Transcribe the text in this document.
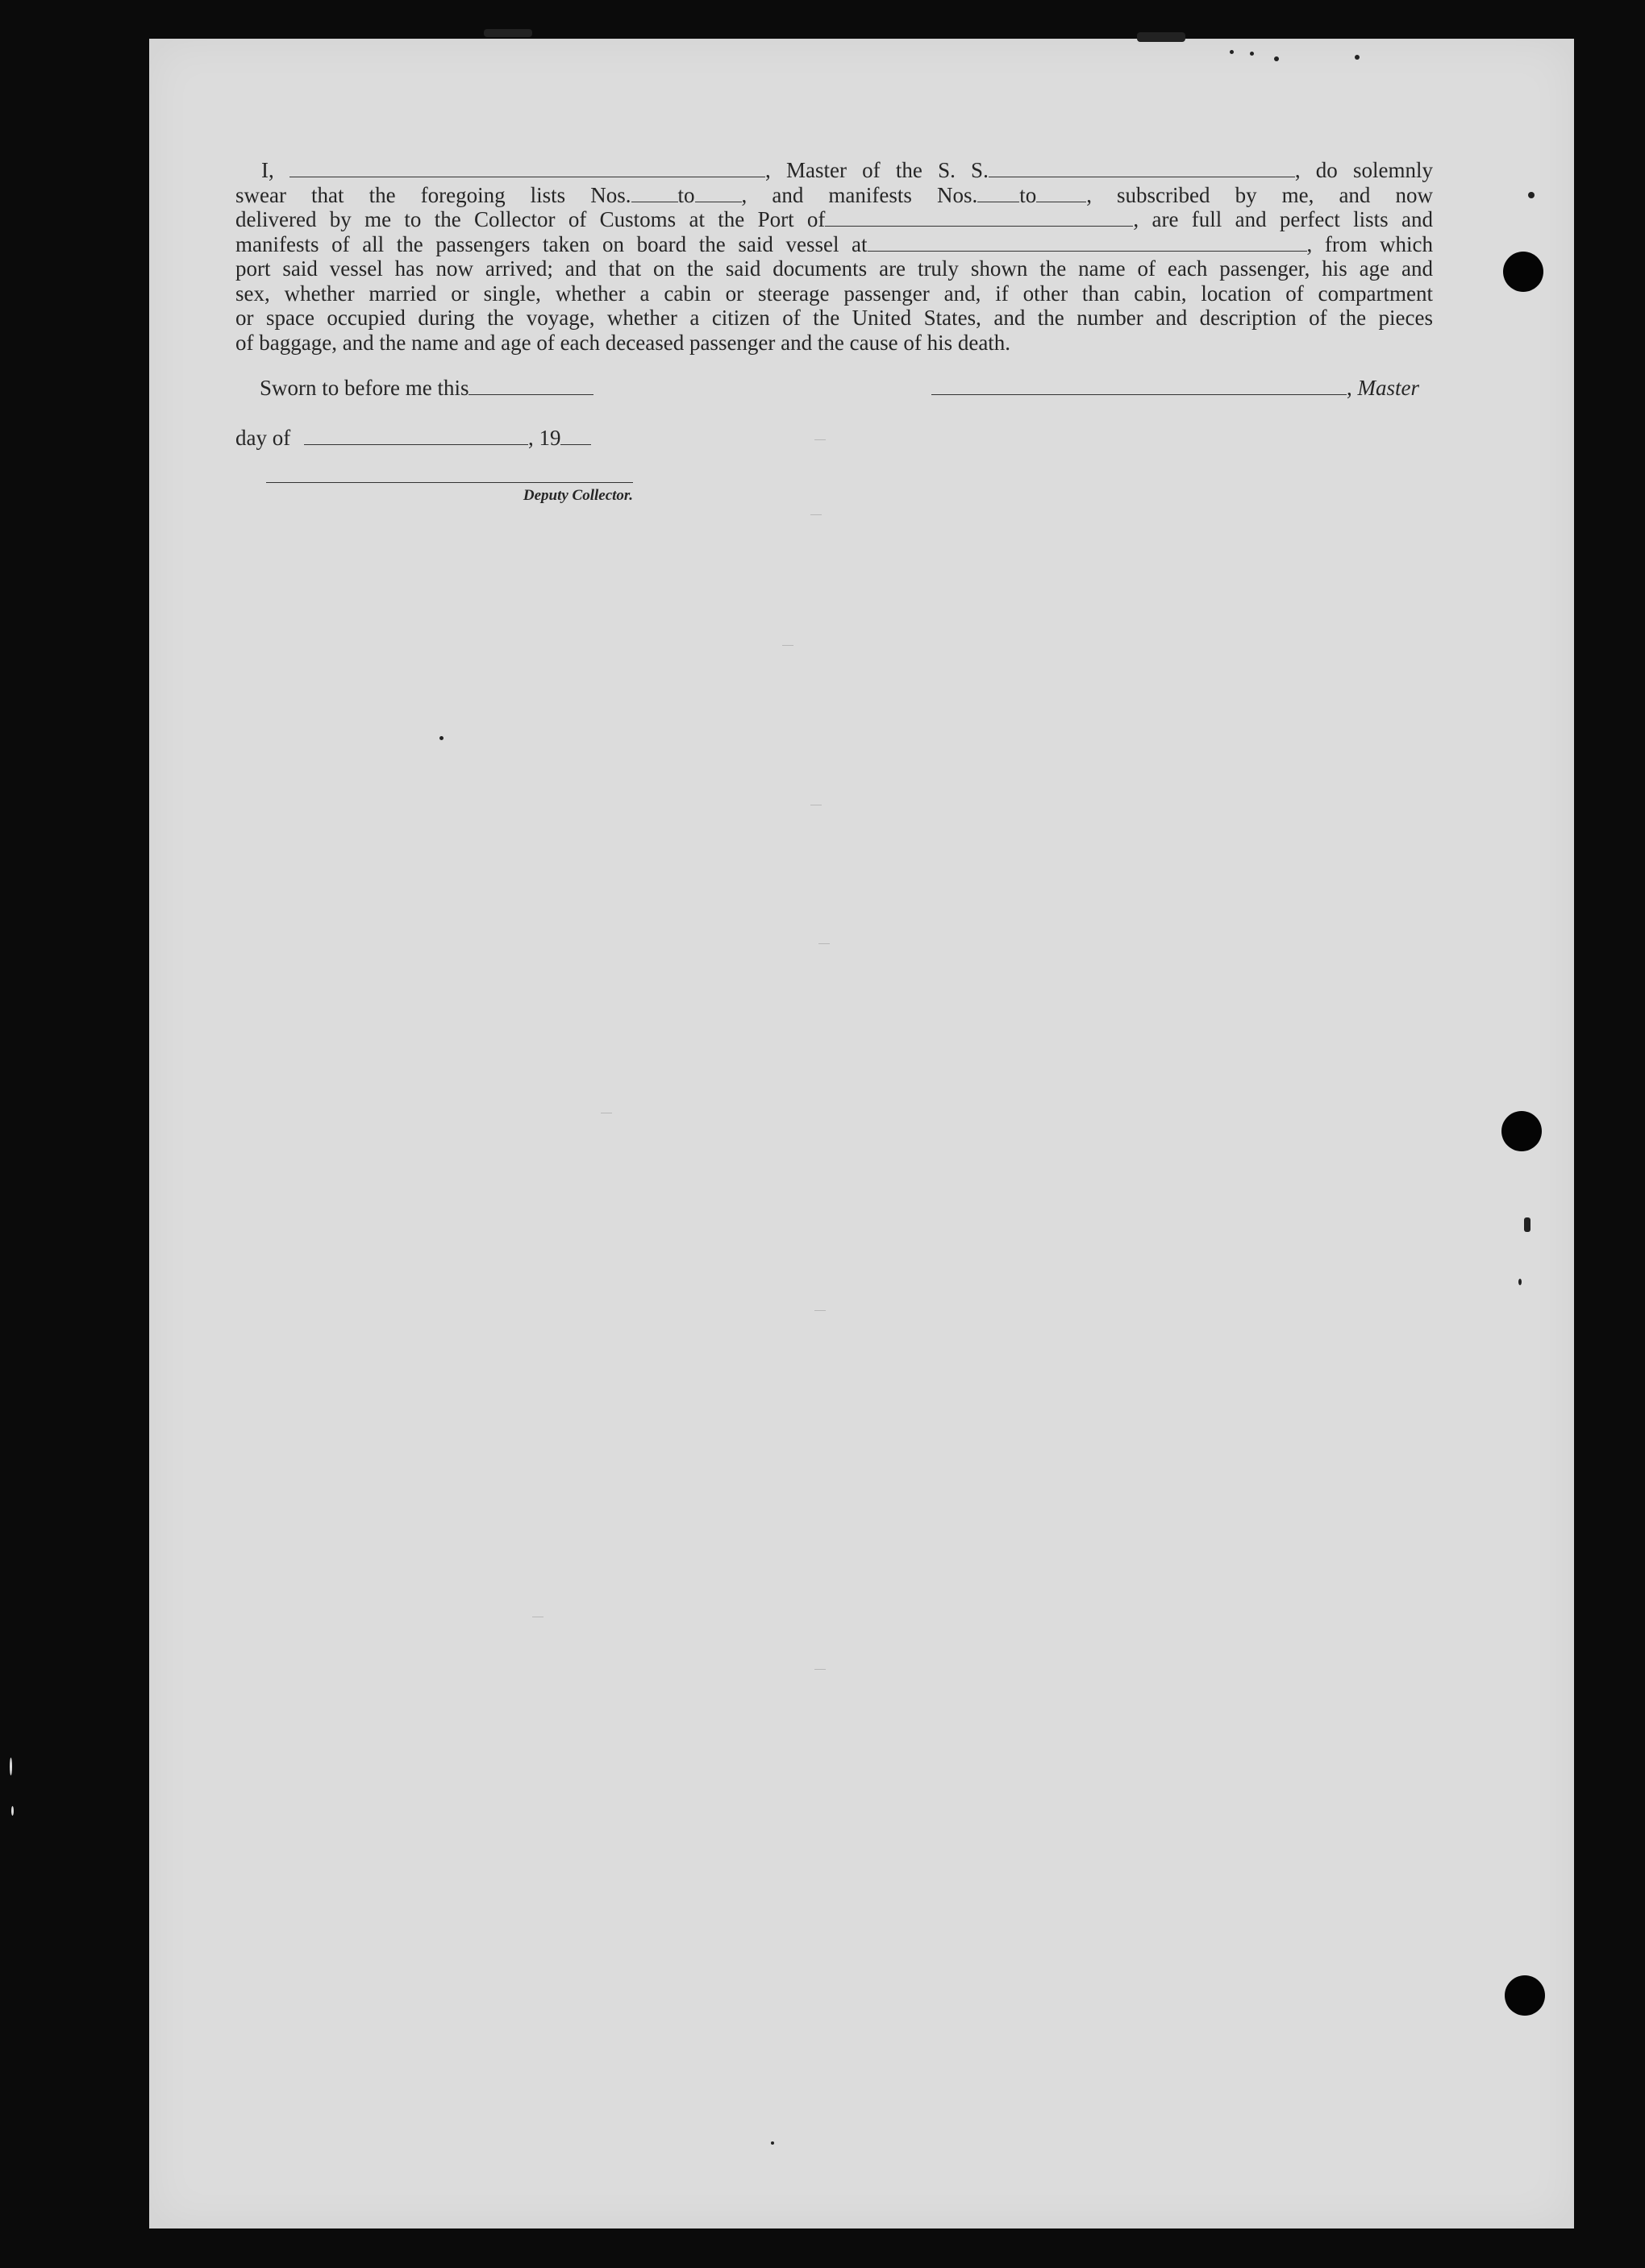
I,	, Master of the S. S.	, do solemnly
swear that the foregoing lists Nos. to , and manifests Nos. to , subscribed by me, and now
delivered by me to the Collector of Customs at the Port of	, are full and perfect lists and
manifests of all the passengers taken on board the said vessel at	, from which
port said vessel has now arrived; and that on the said documents are truly shown the name of each passenger, his age and
sex, whether married or single, whether a cabin or steerage passenger and, if other than cabin, location of compartment
or space occupied during the voyage, whether a citizen of the United States, and the number and description of the pieces
of baggage, and the name and age of each deceased passenger and the cause of his death.
Sworn to before me this	, Master
day of	, 19
Deputy Collector.
